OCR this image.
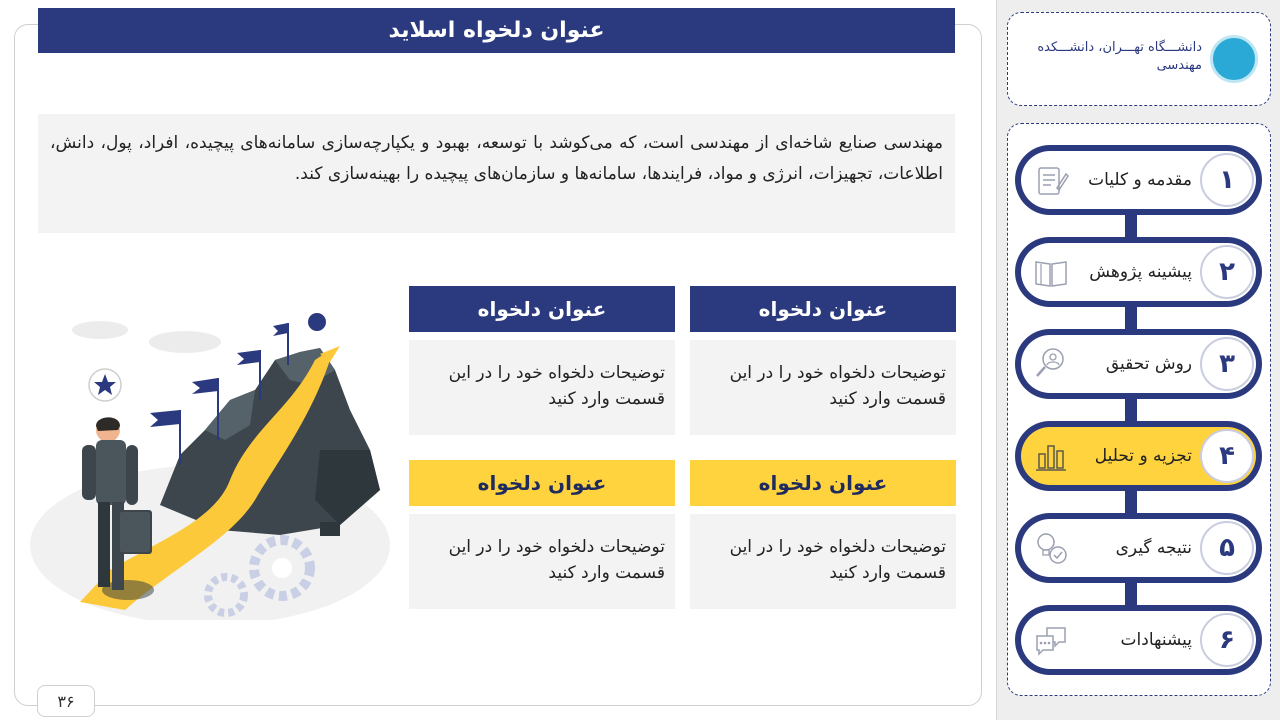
عنوان دلخواه اسلاید
مهندسی صنایع شاخه‌ای از مهندسی است، که می‌کوشد با توسعه، بهبود و یکپارچه‌سازی سامانه‌های پیچیده، افراد، پول، دانش، اطلاعات، تجهیزات، انرژی و مواد، فرایندها، سامانه‌ها و سازمان‌های پیچیده را بهینه‌سازی کند.
عنوان دلخواه
توضیحات دلخواه خود را در این قسمت وارد کنید
عنوان دلخواه
توضیحات دلخواه خود را در این قسمت وارد کنید
عنوان دلخواه
توضیحات دلخواه خود را در این قسمت وارد کنید
عنوان دلخواه
توضیحات دلخواه خود را در این قسمت وارد کنید
۳۶
دانشـــگاه تهـــران، دانشـــکده مهندسی
۱
مقدمه و کلیات
۲
پیشینه پژوهش
۳
روش تحقیق
۴
تجزیه و تحلیل
۵
نتیجه گیری
۶
پیشنهادات
